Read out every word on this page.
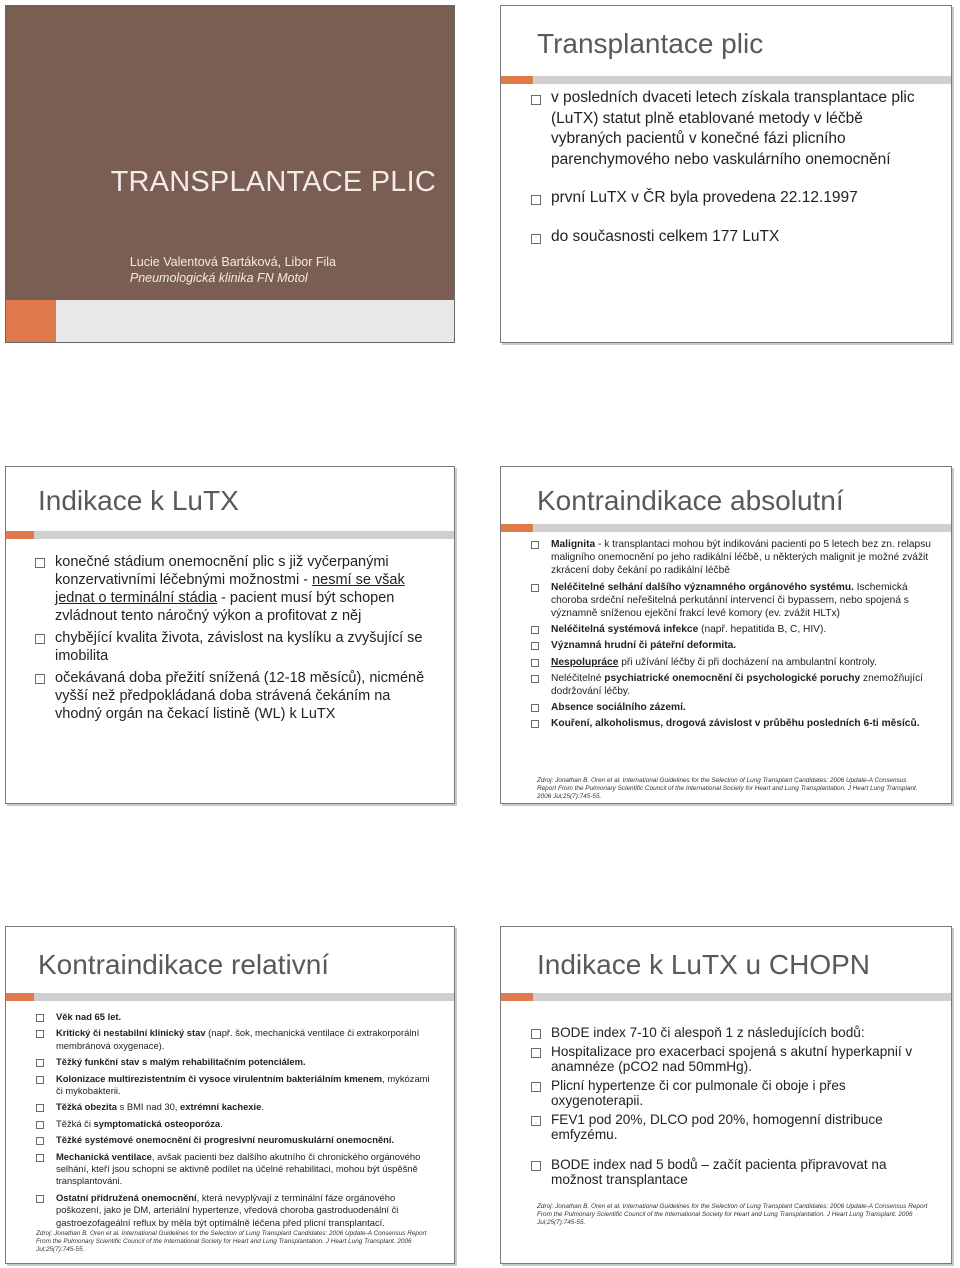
TRANSPLANTACE PLIC
Lucie Valentová Bartáková, Libor Fila
Pneumologická klinika FN Motol
Transplantace plic
v posledních dvaceti letech získala transplantace plic (LuTX) statut plně etablované metody v léčbě vybraných pacientů v konečné fázi plicního parenchymového nebo vaskulárního onemocnění
první LuTX v ČR byla provedena 22.12.1997
do současnosti celkem 177 LuTX
Indikace k LuTX
konečné stádium onemocnění plic s již vyčerpanými konzervativními léčebnými možnostmi - nesmí se však jednat o terminální stádia - pacient musí být schopen zvládnout tento náročný výkon a profitovat z něj
chybějící kvalita života, závislost na kyslíku a zvyšující se imobilita
očekávaná doba přežití snížená (12-18 měsíců), nicméně vyšší než předpokládaná doba strávená čekáním na vhodný orgán na čekací listině (WL) k LuTX
Kontraindikace absolutní
Malignita - k transplantaci mohou být indikováni pacienti po 5 letech bez zn. relapsu maligního onemocnění po jeho radikální léčbě, u některých malignit je možné zvážit zkrácení doby čekání po radikální léčbě
Neléčitelné selhání dalšího významného orgánového systému. Ischemická choroba srdeční neřešitelná perkutánní intervencí či bypassem, nebo spojená s významně sníženou ejekční frakcí levé komory (ev. zvážit HLTx)
Neléčitelná systémová infekce (např. hepatitida B, C, HIV).
Významná hrudní či páteřní deformita.
Nespolupráce při užívání léčby či při docházení na ambulantní kontroly.
Neléčitelné psychiatrické onemocnění či psychologické poruchy znemožňující dodržování léčby.
Absence sociálního zázemí.
Kouření, alkoholismus, drogová závislost v průběhu posledních 6-ti měsíců.
Zdroj: Jonathan B. Oren et al. International Guidelines for the Selection of Lung Transplant Candidates: 2006 Update-A Consensus Report From the Pulmonary Scientific Council of the International Society for Heart and Lung Transplantation. J Heart Lung Transplant. 2006 Jul;25(7):745-55.
Kontraindikace relativní
Věk nad 65 let.
Kritický či nestabilní klinický stav (např. šok, mechanická ventilace či extrakorporální membránová oxygenace).
Těžký funkční stav s malým rehabilitačním potenciálem.
Kolonizace multirezistentním či vysoce virulentním bakteriálním kmenem, mykózami či mykobakterii.
Těžká obezita s BMI nad 30, extrémní kachexie.
Těžká či symptomatická osteoporóza.
Těžké systémové onemocnění či progresivní neuromuskulární onemocnění.
Mechanická ventilace, avšak pacienti bez dalšího akutního či chronického orgánového selhání, kteří jsou schopni se aktivně podílet na účelné rehabilitaci, mohou být úspěšně transplantováni.
Ostatní přidružená onemocnění, která nevyplývají z terminální fáze orgánového poškození, jako je DM, arteriální hypertenze, vředová choroba gastroduodenální či gastroezofageální reflux by měla být optimálně léčena před plicní transplantací.
Zdroj: Jonathan B. Oren et al. International Guidelines for the Selection of Lung Transplant Candidates: 2006 Update-A Consensus Report From the Pulmonary Scientific Council of the International Society for Heart and Lung Transplantation. J Heart Lung Transplant. 2006 Jul;25(7):745-55.
Indikace k LuTX u CHOPN
BODE index 7-10 či alespoň 1 z následujících bodů:
Hospitalizace pro exacerbaci spojená s akutní hyperkapnií v anamnéze (pCO2 nad 50mmHg).
Plicní hypertenze či cor pulmonale či oboje i přes oxygenoterapii.
FEV1 pod 20%, DLCO pod 20%, homogenní distribuce emfyzému.
BODE index nad 5 bodů – začít pacienta připravovat na možnost transplantace
Zdroj: Jonathan B. Oren et al. International Guidelines for the Selection of Lung Transplant Candidates: 2006 Update-A Consensus Report From the Pulmonary Scientific Council of the International Society for Heart and Lung Transplantation. J Heart Lung Transplant. 2006 Jul;25(7):745-55.
